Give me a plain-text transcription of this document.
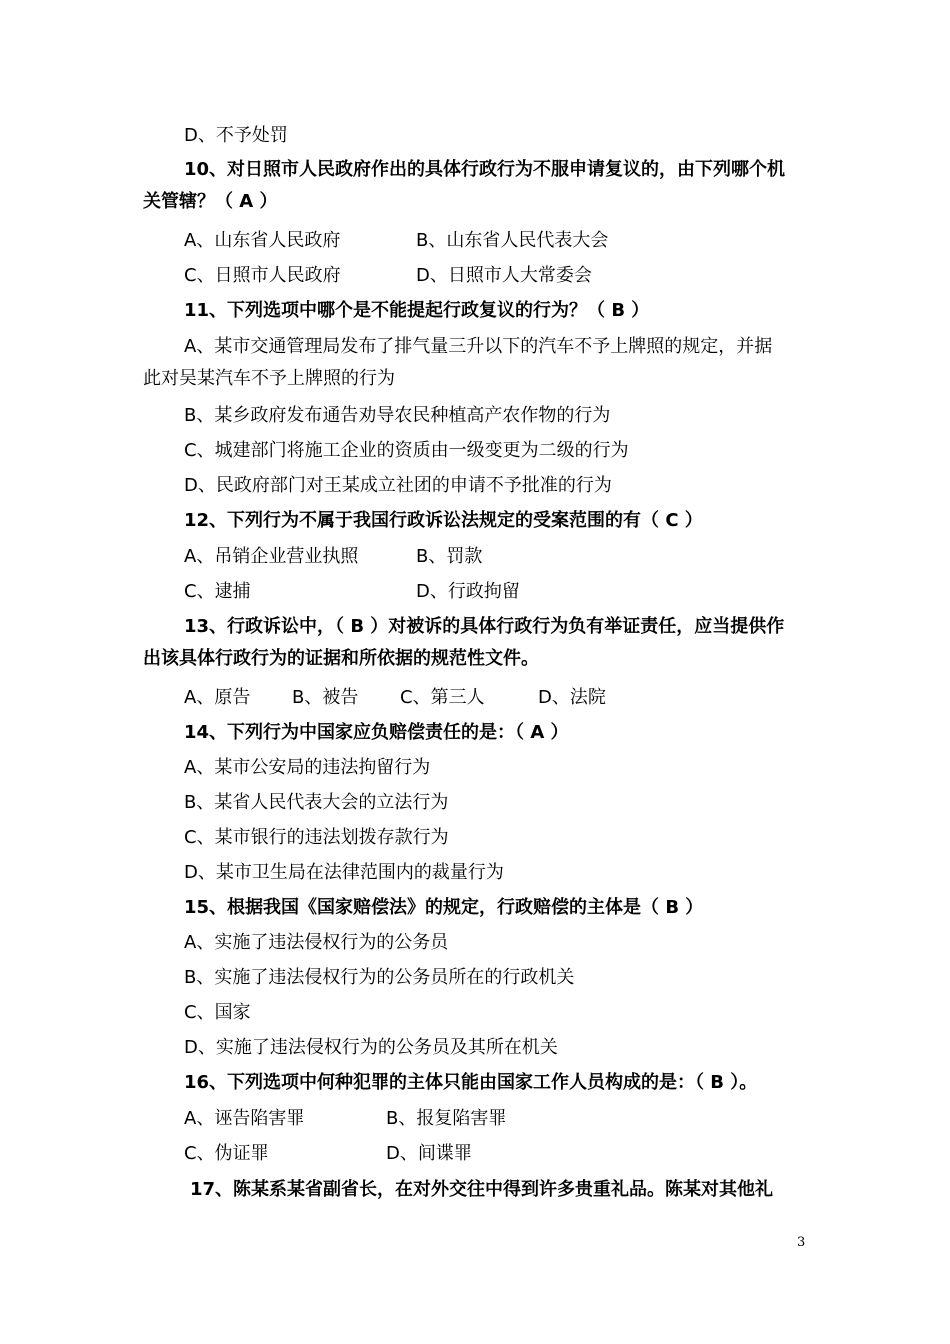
D、不予处罚
10、对日照市人民政府作出的具体行政行为不服申请复议的，由下列哪个机
关管辖？（ A ）
A、山东省人民政府	B、山东省人民代表大会
C、日照市人民政府	D、日照市人大常委会
11、下列选项中哪个是不能提起行政复议的行为？（ B ）
A、某市交通管理局发布了排气量三升以下的汽车不予上牌照的规定，并据
此对吴某汽车不予上牌照的行为
B、某乡政府发布通告劝导农民种植高产农作物的行为
C、城建部门将施工企业的资质由一级变更为二级的行为
D、民政府部门对王某成立社团的申请不予批准的行为
12、下列行为不属于我国行政诉讼法规定的受案范围的有（ C ）
A、吊销企业营业执照	B、罚款
C、逮捕	D、行政拘留
13、行政诉讼中，（ B ）对被诉的具体行政行为负有举证责任，应当提供作
出该具体行政行为的证据和所依据的规范性文件。
A、原告 B、被告 C、第三人	D、法院
14、下列行为中国家应负赔偿责任的是：（ A ）
A、某市公安局的违法拘留行为
B、某省人民代表大会的立法行为
C、某市银行的违法划拨存款行为
D、某市卫生局在法律范围内的裁量行为
15、根据我国《国家赔偿法》的规定，行政赔偿的主体是（ B ）
A、实施了违法侵权行为的公务员
B、实施了违法侵权行为的公务员所在的行政机关
C、国家
D、实施了违法侵权行为的公务员及其所在机关
16、下列选项中何种犯罪的主体只能由国家工作人员构成的是：（ B ）。
A、诬告陷害罪	B、报复陷害罪
C、伪证罪	D、间谍罪
17、陈某系某省副省长，在对外交往中得到许多贵重礼品。陈某对其他礼
3
